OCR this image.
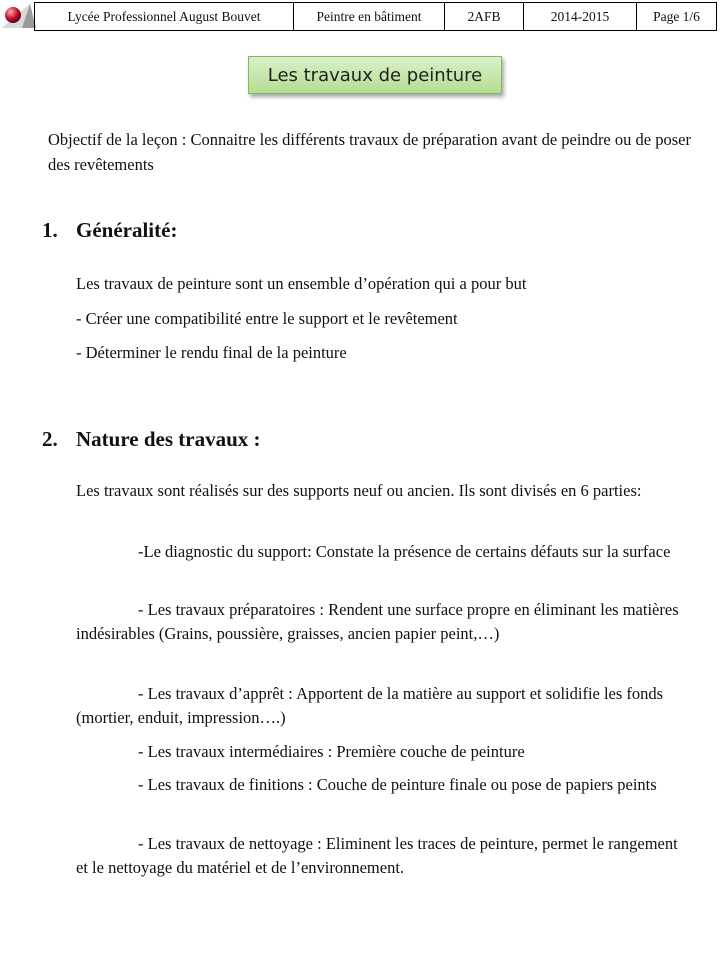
Lycée Professionnel August Bouvet	Peintre en bâtiment	2AFB	2014-2015	Page 1/6
Les travaux de peinture
Objectif de la leçon : Connaitre les différents travaux de préparation avant de peindre ou de poser des revêtements
1. Généralité:
Les travaux de peinture sont un ensemble d’opération qui a pour but
- Créer une compatibilité entre le support et le revêtement
- Déterminer le rendu final de la peinture
2. Nature des travaux :
Les travaux sont réalisés sur des supports neuf ou ancien. Ils sont divisés en 6 parties:
-Le diagnostic du support: Constate la présence de certains défauts sur la surface
- Les travaux préparatoires : Rendent une surface propre en éliminant les matières indésirables (Grains, poussière, graisses, ancien papier peint,…)
- Les travaux d’apprêt : Apportent de la matière au support et solidifie les fonds (mortier, enduit, impression….)
- Les travaux intermédiaires : Première couche de peinture
- Les travaux de finitions : Couche de peinture finale ou pose de papiers peints
- Les travaux de nettoyage : Eliminent les traces de peinture, permet le rangement et le nettoyage du matériel et de l’environnement.
